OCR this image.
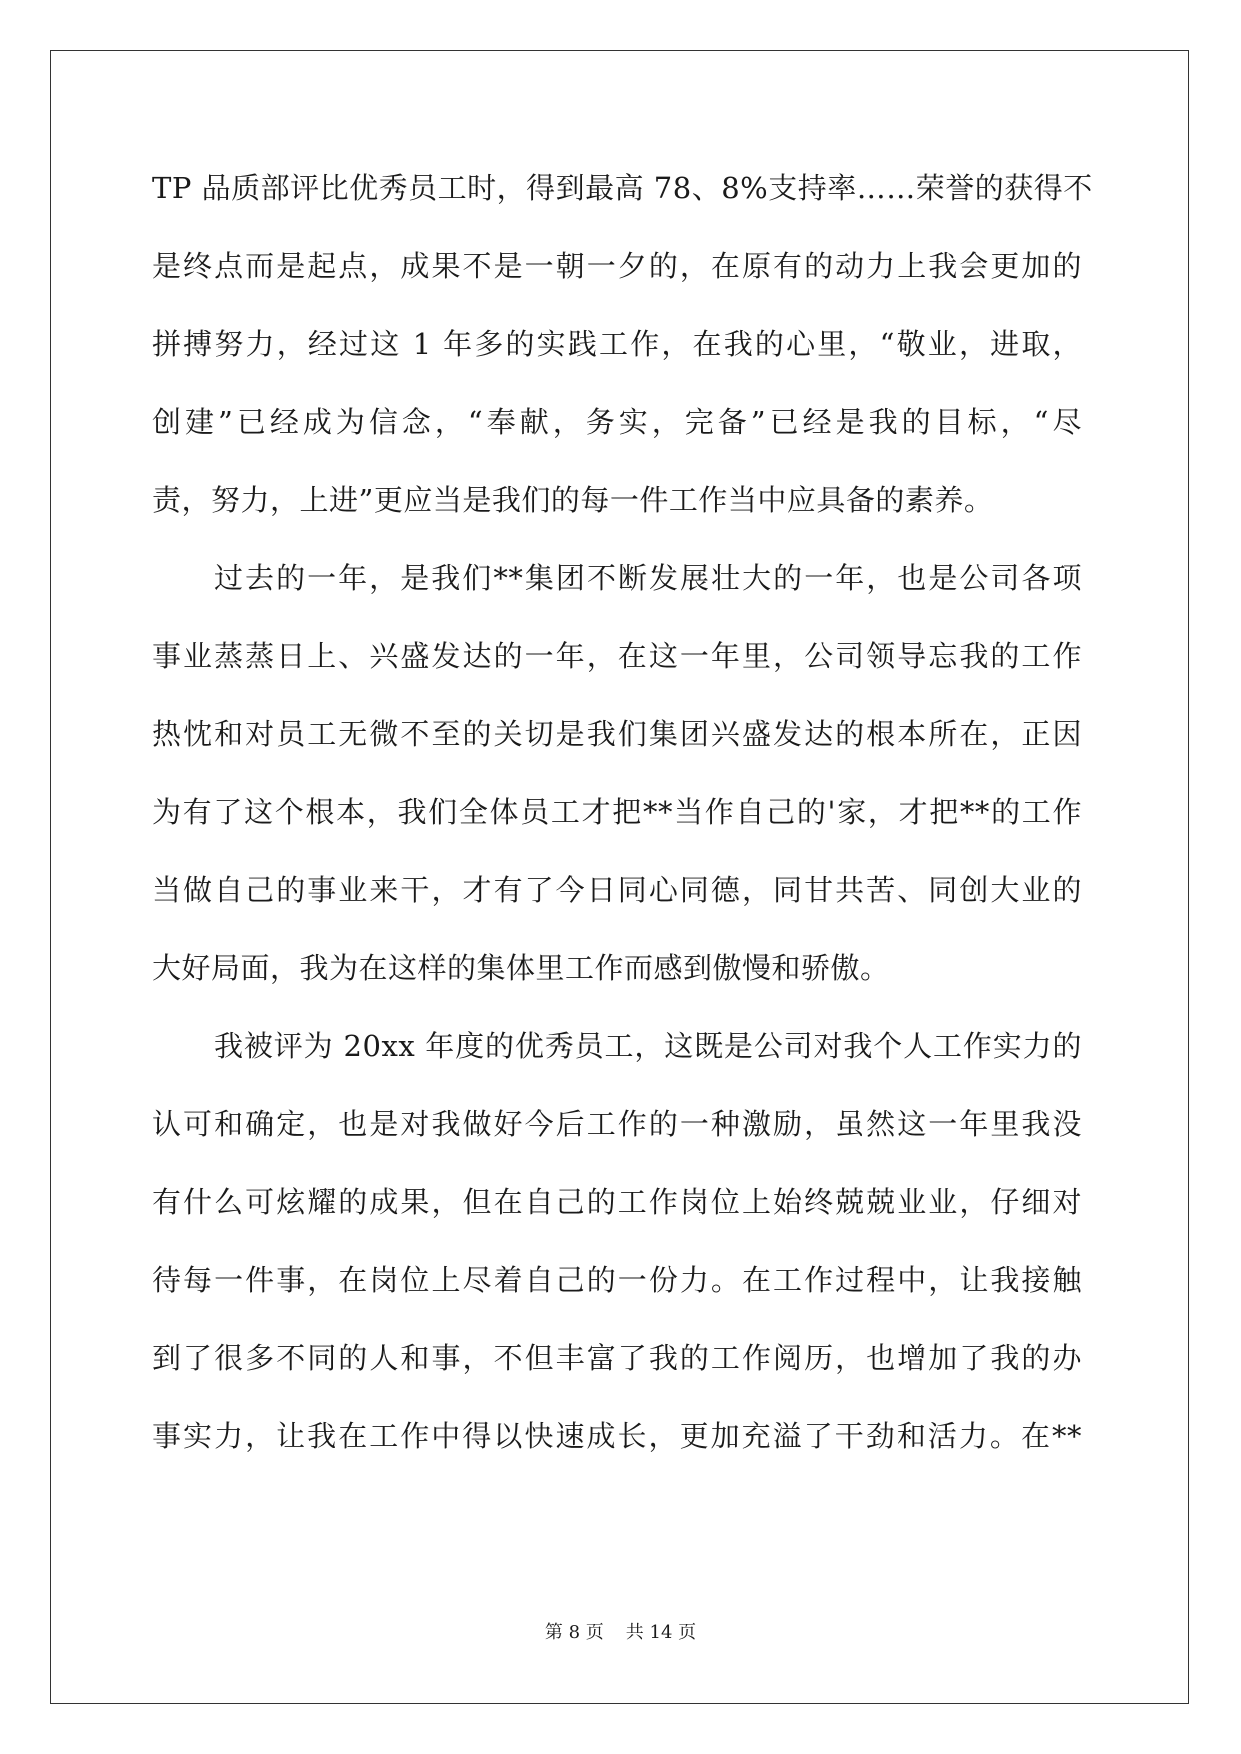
TP 品质部评比优秀员工时，得到最高 78、8%支持率……荣誉的获得不
是终点而是起点，成果不是一朝一夕的，在原有的动力上我会更加的
拼搏努力，经过这 1 年多的实践工作，在我的心里，“敬业，进取，
创建”已经成为信念，“奉献，务实，完备”已经是我的目标，“尽
责，努力，上进”更应当是我们的每一件工作当中应具备的素养。
过去的一年，是我们**集团不断发展壮大的一年，也是公司各项
事业蒸蒸日上、兴盛发达的一年，在这一年里，公司领导忘我的工作
热忱和对员工无微不至的关切是我们集团兴盛发达的根本所在，正因
为有了这个根本，我们全体员工才把**当作自己的'家，才把**的工作
当做自己的事业来干，才有了今日同心同德，同甘共苦、同创大业的
大好局面，我为在这样的集体里工作而感到傲慢和骄傲。
我被评为 20xx 年度的优秀员工，这既是公司对我个人工作实力的
认可和确定，也是对我做好今后工作的一种激励，虽然这一年里我没
有什么可炫耀的成果，但在自己的工作岗位上始终兢兢业业，仔细对
待每一件事，在岗位上尽着自己的一份力。在工作过程中，让我接触
到了很多不同的人和事，不但丰富了我的工作阅历，也增加了我的办
事实力，让我在工作中得以快速成长，更加充溢了干劲和活力。在**
第 8 页 共 14 页
